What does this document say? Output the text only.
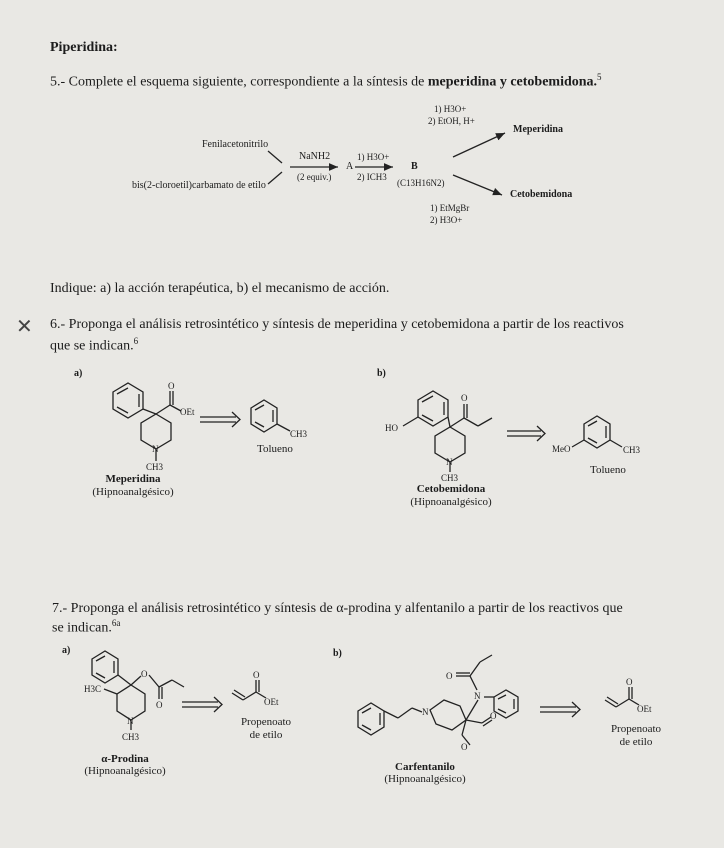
Piperidina:
5.- Complete el esquema siguiente, correspondiente a la síntesis de meperidina y cetobemidona.$^5$
Fenilacetonitrilo
bis(2-cloroetil)carbamato de etilo
NaNH2
(2 equiv.)
A
1) H3O+
2) ICH3
B
(C13H16N2)
1) H3O+
2) EtOH, H+
Meperidina
1) EtMgBr
2) H3O+
Cetobemidona
Indique: a) la acción terapéutica, b) el mecanismo de acción.
✕ 6.- Proponga el análisis retrosintético y síntesis de meperidina y cetobemidona a partir de los reactivos
que se indican.$^6$
a)	b)
Meperidina
(Hipnoanalgésico)
Tolueno
Cetobemidona
(Hipnoanalgésico)
Tolueno
7.- Proponga el análisis retrosintético y síntesis de α-prodina y alfentanilo a partir de los reactivos que
se indican.$^{6a}$
a)	b)
α-Prodina
(Hipnoanalgésico)
Propenoato
de etilo
Carfentanilo
(Hipnoanalgésico)
Propenoato
de etilo
O
OEt
N
CH3
CH3
HO
O
N
CH3
MeO	CH3
H3C
O
O
N
CH3
O
OEt
N
N
O
O
O
O
OEt
